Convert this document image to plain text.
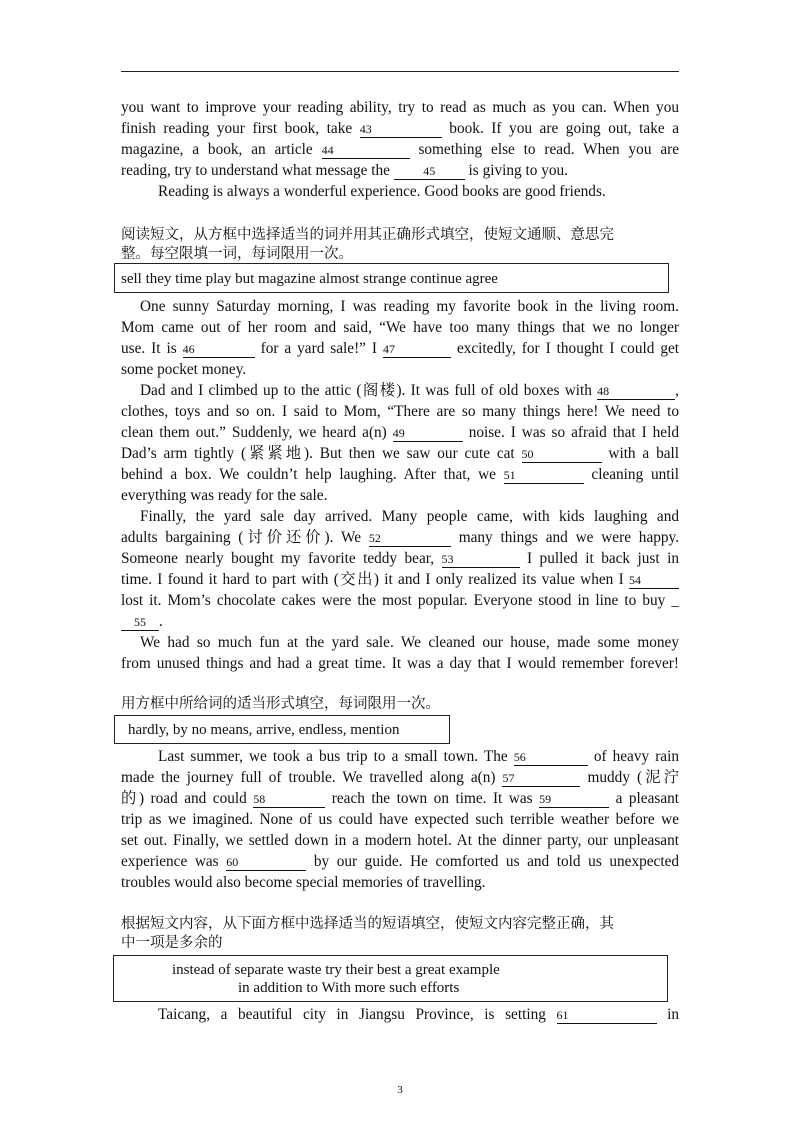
you want to improve your reading ability, try to read as much as you can. When you
finish reading your first book, take 43	book. If you are going out, take a
magazine, a book, an article 44	something else to read. When you are
reading, try to understand what message the	45 is giving to you.
Reading is always a wonderful experience. Good books are good friends.
阅读短文，从方框中选择适当的词并用其正确形式填空，使短文通顺、意思完
整。每空限填一词，每词限用一次。
sell they time play but magazine almost strange continue agree
One sunny Saturday morning, I was reading my favorite book in the living room.
Mom came out of her room and said, “We have too many things that we no longer
use. It is 46	for a yard sale!” I 47	excitedly, for I thought I could get
some pocket money.
Dad and I climbed up to the attic (阁楼). It was full of old boxes with 48	,
clothes, toys and so on. I said to Mom, “There are so many things here! We need to
clean them out.” Suddenly, we heard a(n) 49	noise. I was so afraid that I held
Dad’s arm tightly (紧紧地). But then we saw our cute cat 50	with a ball
behind a box. We couldn’t help laughing. After that, we 51	cleaning until
everything was ready for the sale.
Finally, the yard sale day arrived. Many people came, with kids laughing and
adults bargaining (讨价还价). We 52	many things and we were happy.
Someone nearly bought my favorite teddy bear, 53	I pulled it back just in
time. I found it hard to part with (交出) it and I only realized its value when I 54
lost it. Mom’s chocolate cakes were the most popular. Everyone stood in line to buy _
55 .
We had so much fun at the yard sale. We cleaned our house, made some money
from unused things and had a great time. It was a day that I would remember forever!
用方框中所给词的适当形式填空，每词限用一次。
hardly, by no means, arrive, endless, mention
Last summer, we took a bus trip to a small town. The 56	of heavy rain
made the journey full of trouble. We travelled along a(n) 57	muddy (泥泞
的) road and could 58	reach the town on time. It was 59	a pleasant
trip as we imagined. None of us could have expected such terrible weather before we
set out. Finally, we settled down in a modern hotel. At the dinner party, our unpleasant
experience was 60	by our guide. He comforted us and told us unexpected
troubles would also become special memories of travelling.
根据短文内容，从下面方框中选择适当的短语填空，使短文内容完整正确，其
中一项是多余的
instead of separate waste try their best a great example
in addition to With more such efforts
Taicang, a beautiful city in Jiangsu Province, is setting 61	in
3
